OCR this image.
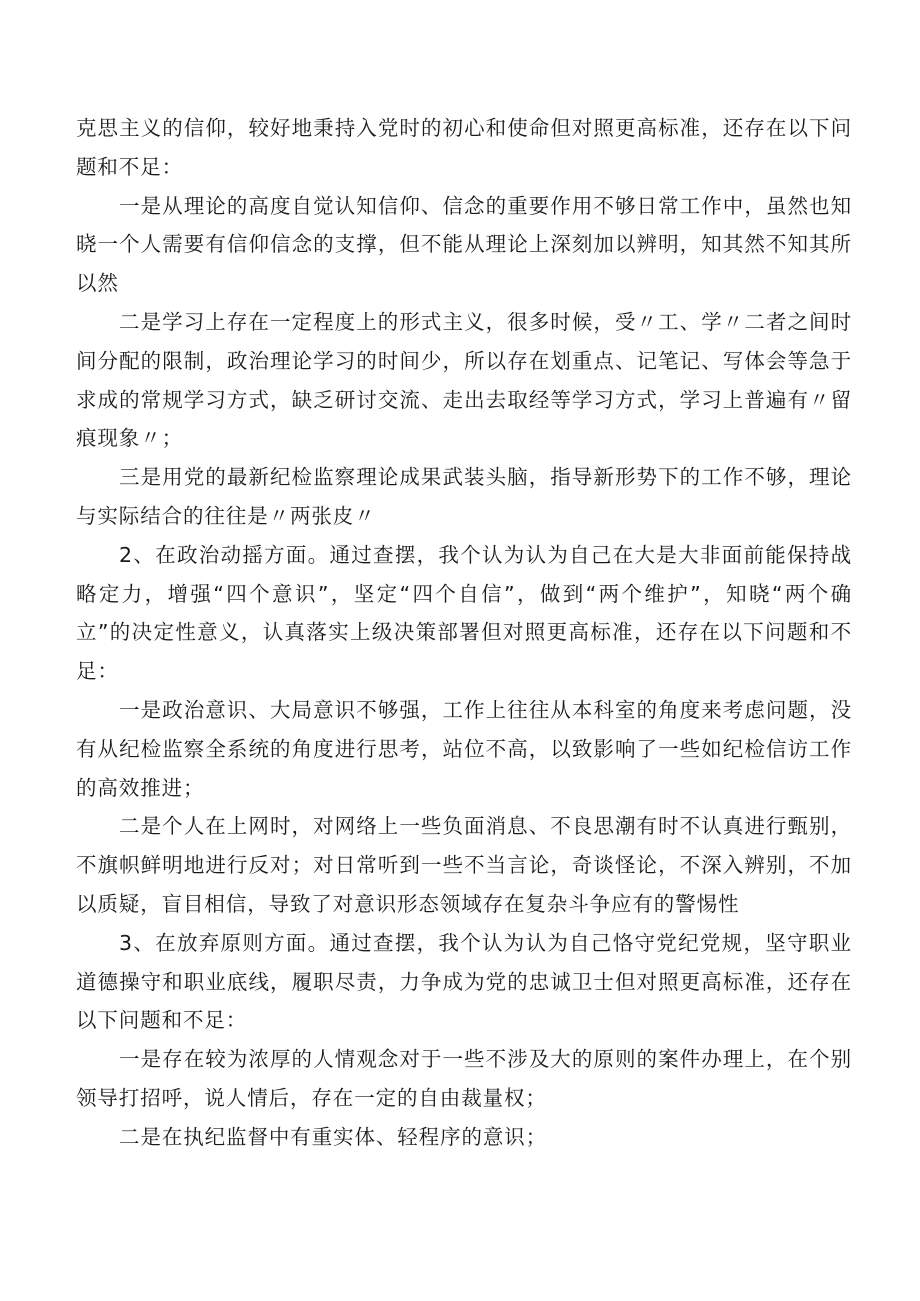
克思主义的信仰，较好地秉持入党时的初心和使命但对照更高标准，还存在以下问题和不足：

一是从理论的高度自觉认知信仰、信念的重要作用不够日常工作中，虽然也知晓一个人需要有信仰信念的支撑，但不能从理论上深刻加以辨明，知其然不知其所以然

二是学习上存在一定程度上的形式主义，很多时候，受〃工、学〃二者之间时间分配的限制，政治理论学习的时间少，所以存在划重点、记笔记、写体会等急于求成的常规学习方式，缺乏研讨交流、走出去取经等学习方式，学习上普遍有〃留痕现象〃；

三是用党的最新纪检监察理论成果武装头脑，指导新形势下的工作不够，理论与实际结合的往往是〃两张皮〃

2、在政治动摇方面。通过查摆，我个认为认为自己在大是大非面前能保持战略定力，增强“四个意识”，坚定“四个自信”，做到“两个维护”，知晓“两个确立”的决定性意义，认真落实上级决策部署但对照更高标准，还存在以下问题和不足：

一是政治意识、大局意识不够强，工作上往往从本科室的角度来考虑问题，没有从纪检监察全系统的角度进行思考，站位不高，以致影响了一些如纪检信访工作的高效推进；

二是个人在上网时，对网络上一些负面消息、不良思潮有时不认真进行甄别，不旗帜鲜明地进行反对；对日常听到一些不当言论，奇谈怪论，不深入辨别，不加以质疑，盲目相信，导致了对意识形态领域存在复杂斗争应有的警惕性

3、在放弃原则方面。通过查摆，我个认为认为自己恪守党纪党规，坚守职业道德操守和职业底线，履职尽责，力争成为党的忠诚卫士但对照更高标准，还存在以下问题和不足：

一是存在较为浓厚的人情观念对于一些不涉及大的原则的案件办理上，在个别领导打招呼，说人情后，存在一定的自由裁量权；

二是在执纪监督中有重实体、轻程序的意识；
